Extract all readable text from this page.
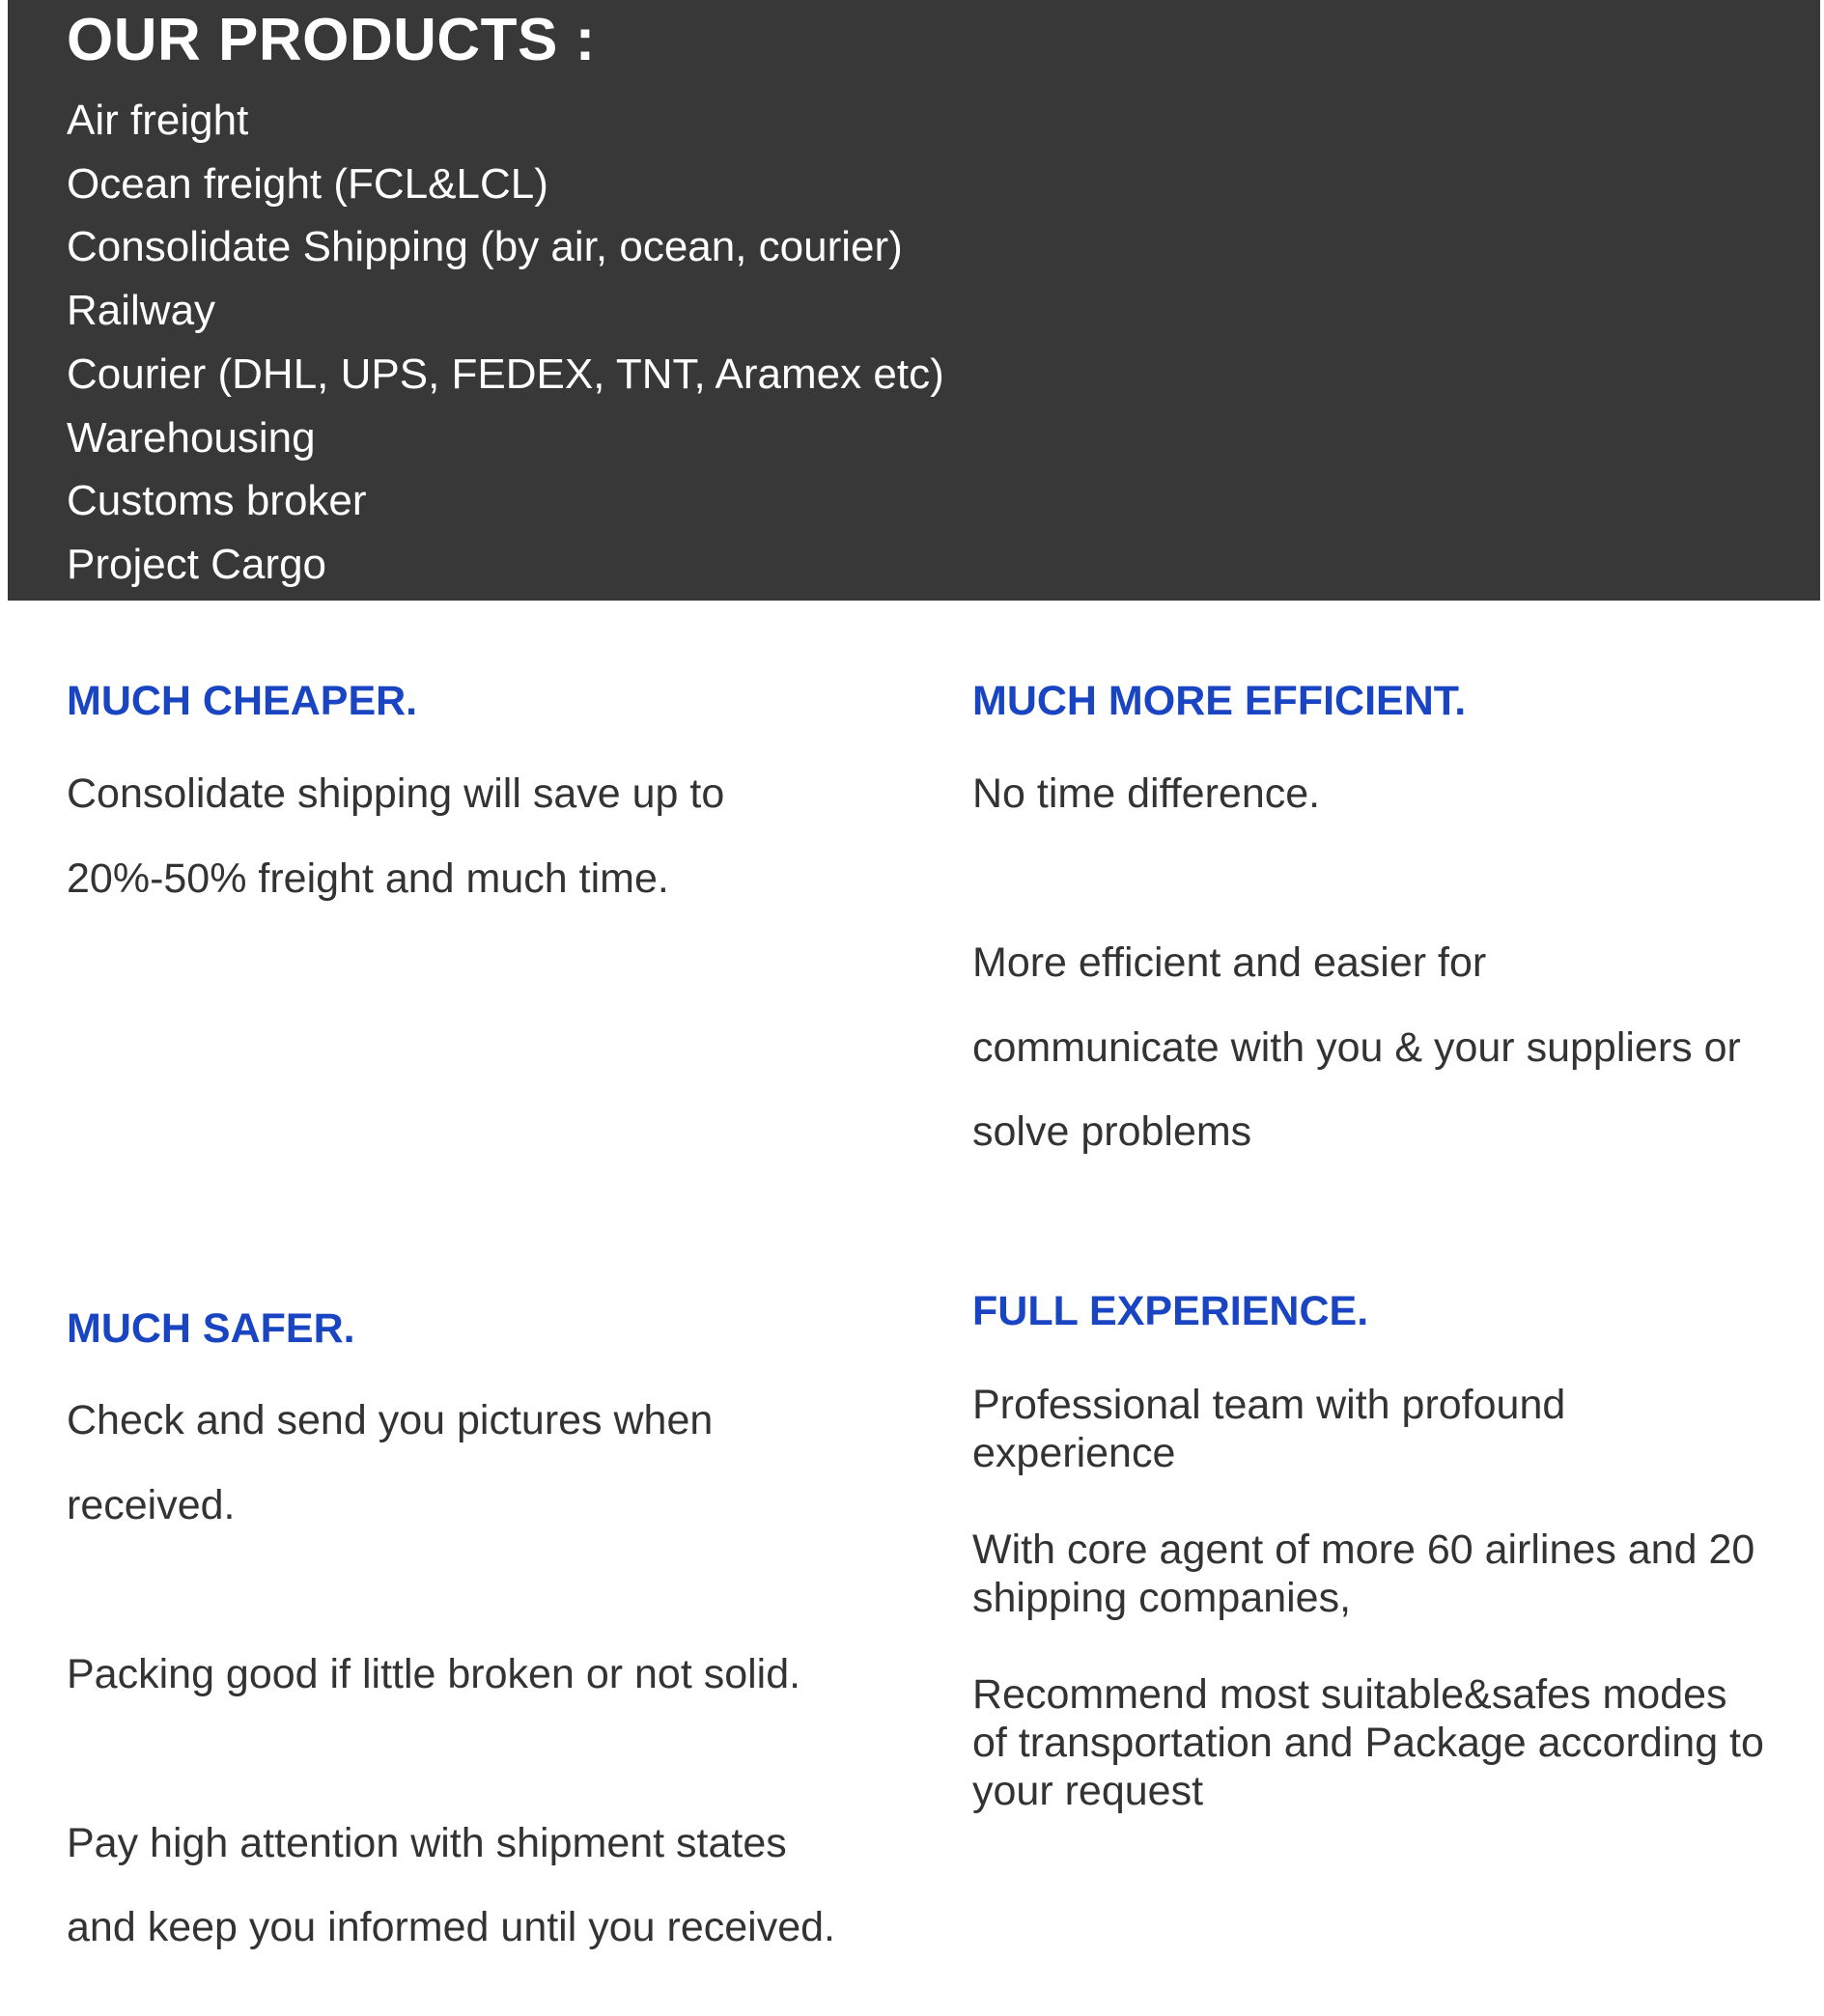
OUR PRODUCTS :
Air freight
Ocean freight (FCL&LCL)
Consolidate Shipping (by air, ocean, courier)
Railway
Courier (DHL, UPS, FEDEX, TNT, Aramex etc)
Warehousing
Customs broker
Project Cargo
MUCH CHEAPER.

Consolidate shipping will save up to

20%-50% freight and much time.

MUCH MORE EFFICIENT.

No time difference.

More efficient and easier for

communicate with you & your suppliers or

solve problems

MUCH SAFER.

Check and send you pictures when

received.

Packing good if little broken or not solid.

Pay high attention with shipment states

and keep you informed until you received.

FULL EXPERIENCE.

Professional team with profound experience

With core agent of more 60 airlines and 20 shipping companies,

Recommend most suitable&safes modes of transportation and Package according to your request
